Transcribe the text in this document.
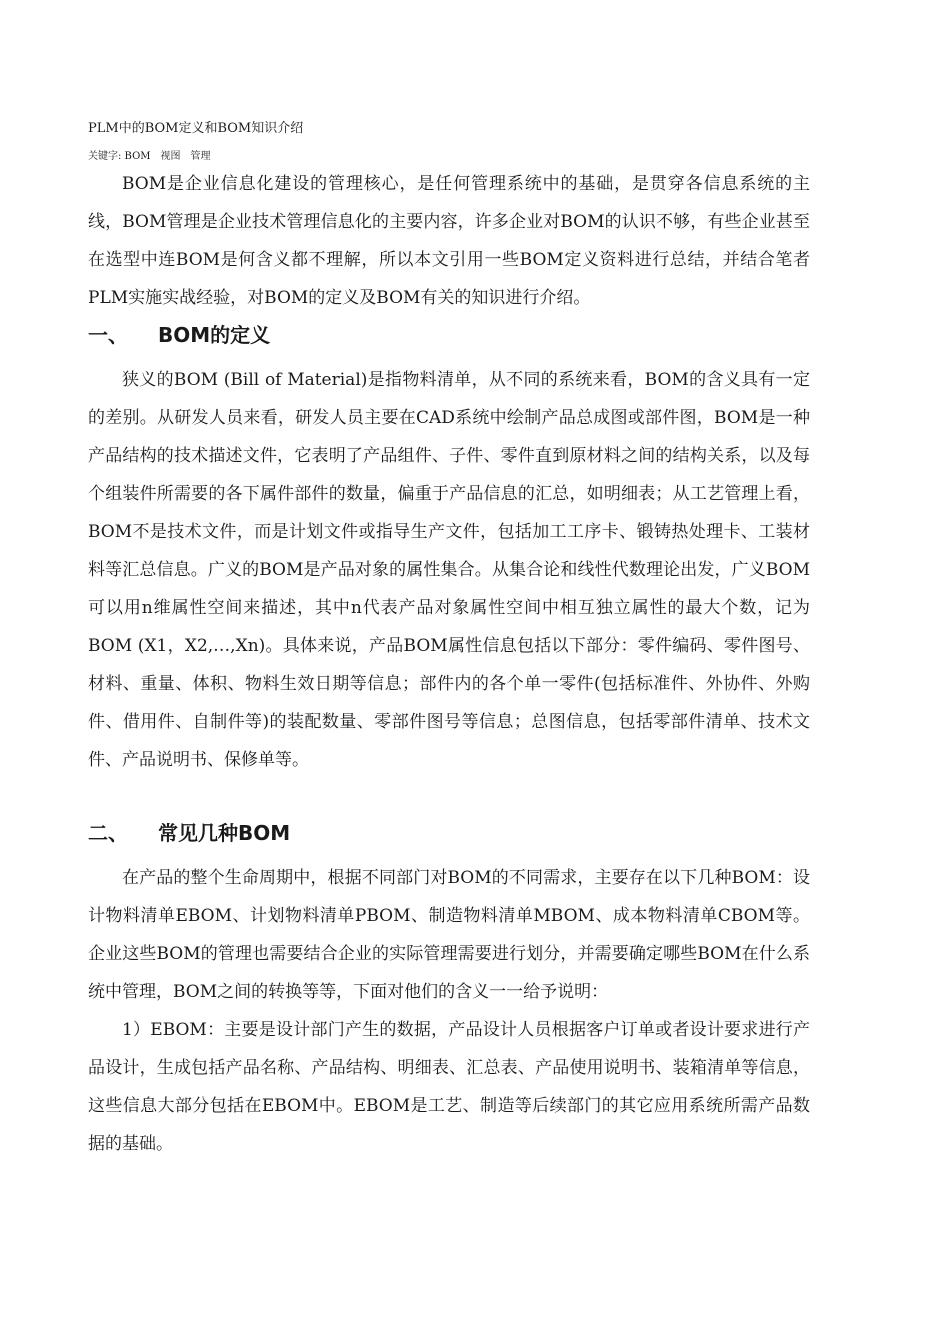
PLM中的BOM定义和BOM知识介绍
关键字: BOM　视图　管理
BOM是企业信息化建设的管理核心，是任何管理系统中的基础，是贯穿各信息系统的主线，BOM管理是企业技术管理信息化的主要内容，许多企业对BOM的认识不够，有些企业甚至在选型中连BOM是何含义都不理解，所以本文引用一些BOM定义资料进行总结，并结合笔者PLM实施实战经验，对BOM的定义及BOM有关的知识进行介绍。
一、 BOM的定义
狭义的BOM (Bill of Material)是指物料清单，从不同的系统来看，BOM的含义具有一定的差别。从研发人员来看，研发人员主要在CAD系统中绘制产品总成图或部件图，BOM是一种产品结构的技术描述文件，它表明了产品组件、子件、零件直到原材料之间的结构关系，以及每个组装件所需要的各下属件部件的数量，偏重于产品信息的汇总，如明细表；从工艺管理上看，BOM不是技术文件，而是计划文件或指导生产文件，包括加工工序卡、锻铸热处理卡、工装材料等汇总信息。广义的BOM是产品对象的属性集合。从集合论和线性代数理论出发，广义BOM可以用n维属性空间来描述，其中n代表产品对象属性空间中相互独立属性的最大个数，记为BOM (X1，X2,…,Xn)。具体来说，产品BOM属性信息包括以下部分：零件编码、零件图号、材料、重量、体积、物料生效日期等信息；部件内的各个单一零件(包括标准件、外协件、外购件、借用件、自制件等)的装配数量、零部件图号等信息；总图信息，包括零部件清单、技术文件、产品说明书、保修单等。
二、 常见几种BOM
在产品的整个生命周期中，根据不同部门对BOM的不同需求，主要存在以下几种BOM：设计物料清单EBOM、计划物料清单PBOM、制造物料清单MBOM、成本物料清单CBOM等。企业这些BOM的管理也需要结合企业的实际管理需要进行划分，并需要确定哪些BOM在什么系统中管理，BOM之间的转换等等，下面对他们的含义一一给予说明：
1）EBOM：主要是设计部门产生的数据，产品设计人员根据客户订单或者设计要求进行产品设计，生成包括产品名称、产品结构、明细表、汇总表、产品使用说明书、装箱清单等信息，这些信息大部分包括在EBOM中。EBOM是工艺、制造等后续部门的其它应用系统所需产品数据的基础。
